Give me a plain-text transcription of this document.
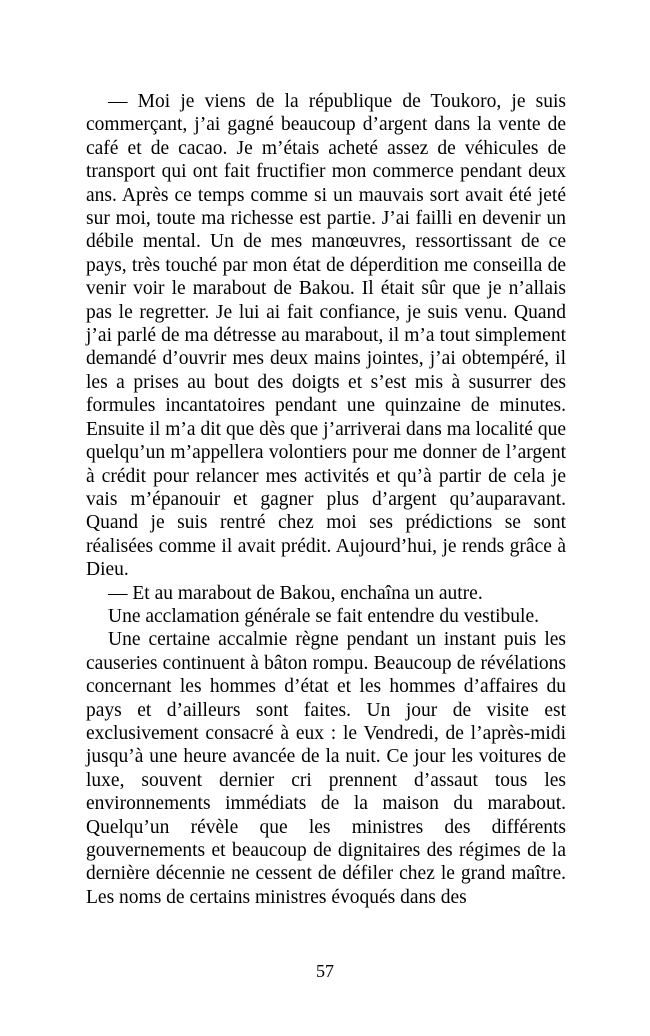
— Moi je viens de la république de Toukoro, je suis commerçant, j’ai gagné beaucoup d’argent dans la vente de café et de cacao. Je m’étais acheté assez de véhicules de transport qui ont fait fructifier mon commerce pendant deux ans. Après ce temps comme si un mauvais sort avait été jeté sur moi, toute ma richesse est partie. J’ai failli en devenir un débile mental. Un de mes manœuvres, ressortissant de ce pays, très touché par mon état de déperdition me conseilla de venir voir le marabout de Bakou. Il était sûr que je n’allais pas le regretter. Je lui ai fait confiance, je suis venu. Quand j’ai parlé de ma détresse au marabout, il m’a tout simplement demandé d’ouvrir mes deux mains jointes, j’ai obtempéré, il les a prises au bout des doigts et s’est mis à susurrer des formules incantatoires pendant une quinzaine de minutes. Ensuite il m’a dit que dès que j’arriverai dans ma localité que quelqu’un m’appellera volontiers pour me donner de l’argent à crédit pour relancer mes activités et qu’à partir de cela je vais m’épanouir et gagner plus d’argent qu’auparavant. Quand je suis rentré chez moi ses prédictions se sont réalisées comme il avait prédit. Aujourd’hui, je rends grâce à Dieu.

— Et au marabout de Bakou, enchaîna un autre.

Une acclamation générale se fait entendre du vestibule.

Une certaine accalmie règne pendant un instant puis les causeries continuent à bâton rompu. Beaucoup de révélations concernant les hommes d’état et les hommes d’affaires du pays et d’ailleurs sont faites. Un jour de visite est exclusivement consacré à eux : le Vendredi, de l’après-midi jusqu’à une heure avancée de la nuit. Ce jour les voitures de luxe, souvent dernier cri prennent d’assaut tous les environnements immédiats de la maison du marabout. Quelqu’un révèle que les ministres des différents gouvernements et beaucoup de dignitaires des régimes de la dernière décennie ne cessent de défiler chez le grand maître. Les noms de certains ministres évoqués dans des

57
